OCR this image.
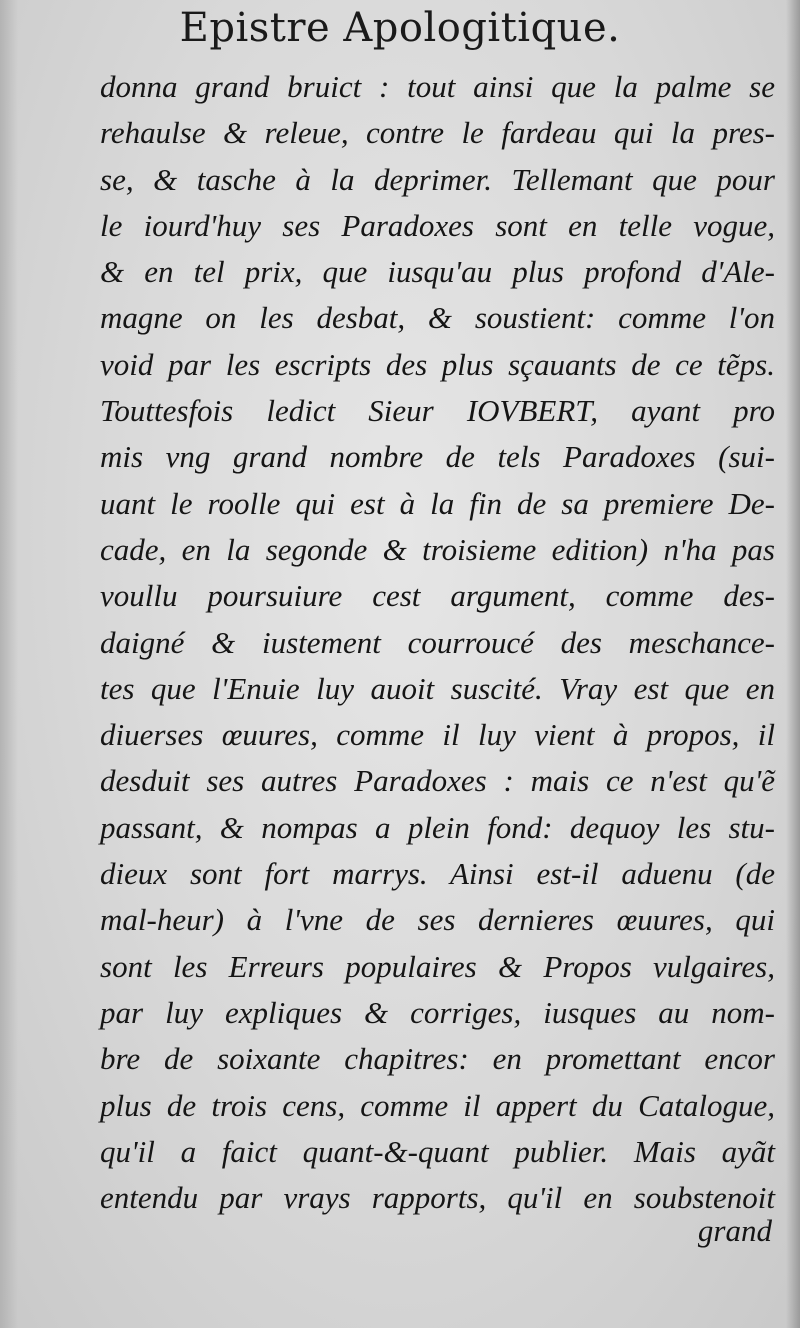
Epistre Apologitique.
donna grand bruict : tout ainsi que la palme se
rehaulse & releue, contre le fardeau qui la pres-
se, & tasche à la deprimer. Tellemant que pour
le iourd'huy ses Paradoxes sont en telle vogue,
& en tel prix, que iusqu'au plus profond d'Ale-
magne on les desbat, & soustient: comme l'on
void par les escripts des plus sçauants de ce tẽps.
Touttesfois ledict Sieur IOVBERT, ayant pro
mis vng grand nombre de tels Paradoxes (sui-
uant le roolle qui est à la fin de sa premiere De-
cade, en la segonde & troisieme edition) n'ha pas
voullu poursuiure cest argument, comme des-
daigné & iustement courroucé des meschance-
tes que l'Enuie luy auoit suscité. Vray est que en
diuerses œuures, comme il luy vient à propos, il
desduit ses autres Paradoxes : mais ce n'est qu'ẽ
passant, & nompas a plein fond: dequoy les stu-
dieux sont fort marrys. Ainsi est-il aduenu (de
mal-heur) à l'vne de ses dernieres œuures, qui
sont les Erreurs populaires & Propos vulgaires,
par luy expliques & corriges, iusques au nom-
bre de soixante chapitres: en promettant encor
plus de trois cens, comme il appert du Catalogue,
qu'il a faict quant-&-quant publier. Mais ayãt
entendu par vrays rapports, qu'il en soubstenoit
grand
